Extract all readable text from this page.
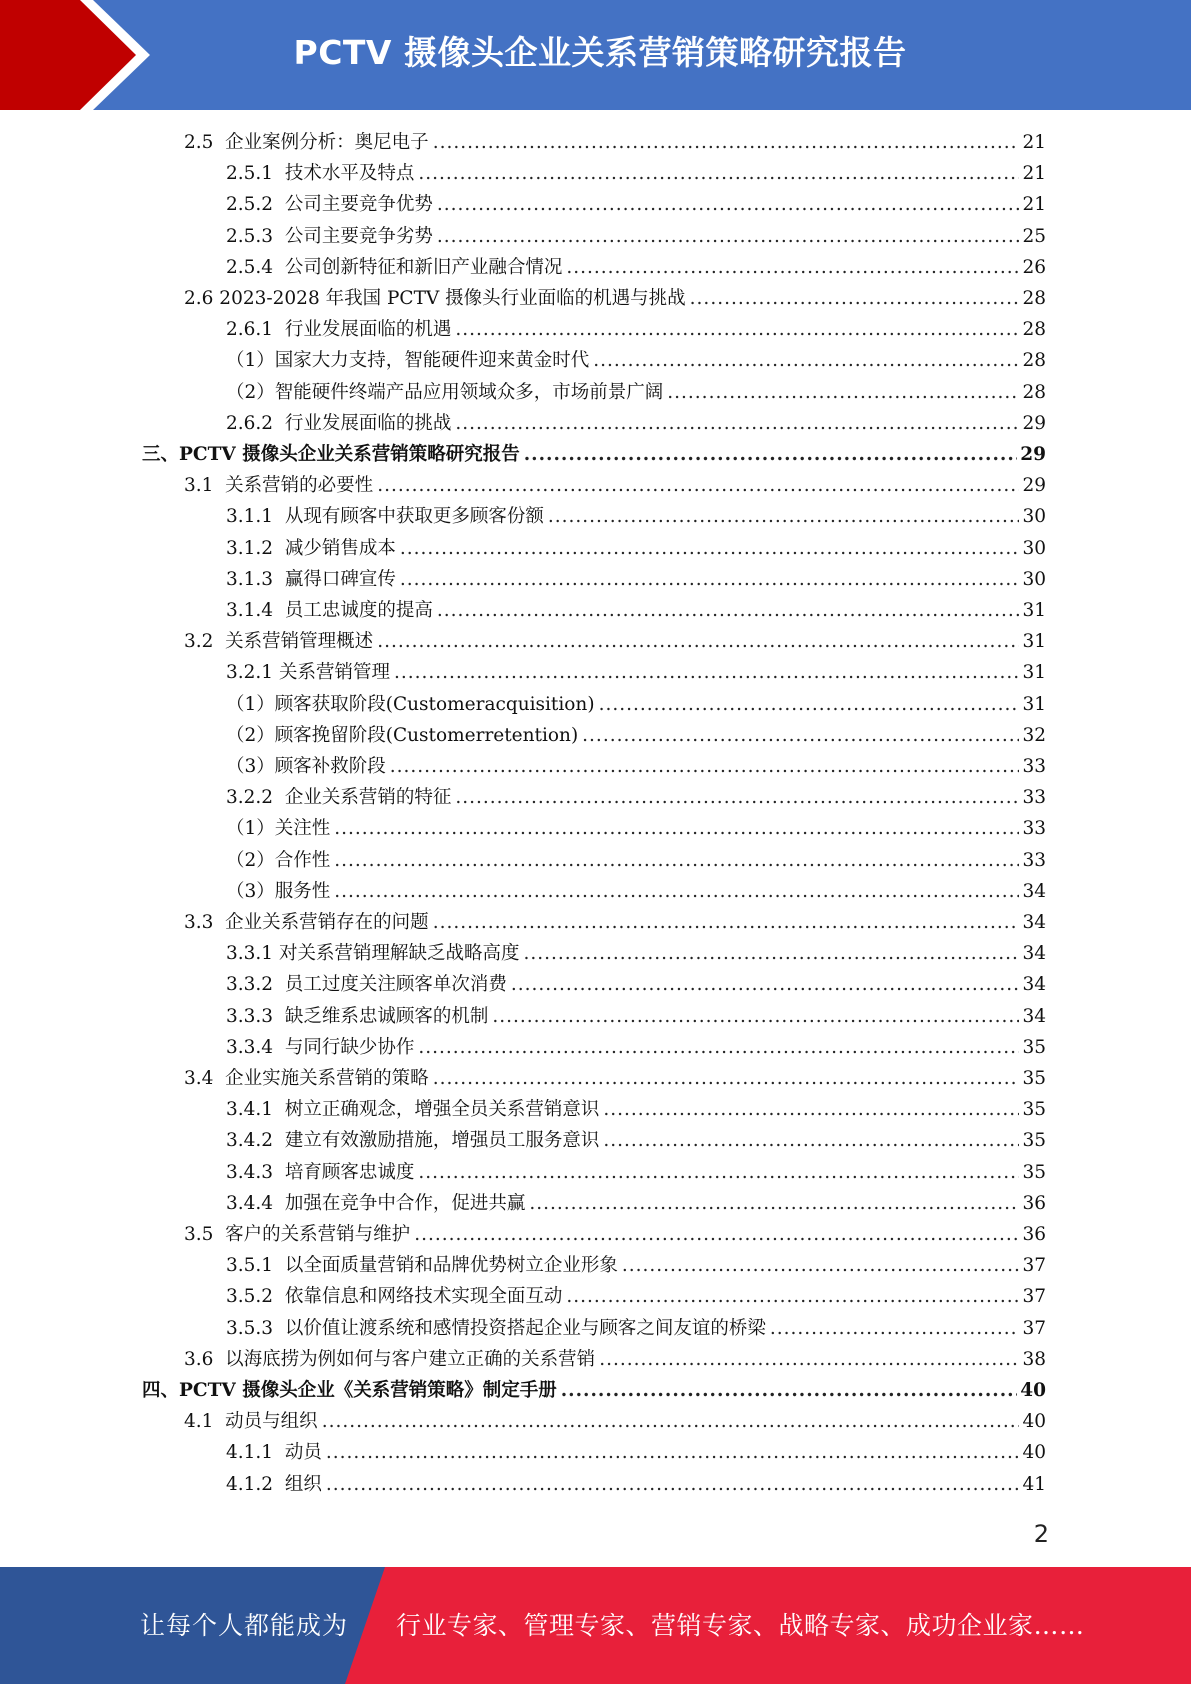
PCTV 摄像头企业关系营销策略研究报告
2.5  企业案例分析：奥尼电子 .....	21
2.5.1  技术水平及特点 .....	21
2.5.2  公司主要竞争优势 .....	21
2.5.3  公司主要竞争劣势 .....	25
2.5.4  公司创新特征和新旧产业融合情况 .....	26
2.6 2023-2028 年我国 PCTV 摄像头行业面临的机遇与挑战 .....	28
2.6.1  行业发展面临的机遇 .....	28
（1）国家大力支持，智能硬件迎来黄金时代 .....	28
（2）智能硬件终端产品应用领域众多，市场前景广阔 .....	28
2.6.2  行业发展面临的挑战 .....	29
三、PCTV 摄像头企业关系营销策略研究报告 .....	29
3.1  关系营销的必要性 .....	29
3.1.1  从现有顾客中获取更多顾客份额 .....	30
3.1.2  减少销售成本 .....	30
3.1.3  赢得口碑宣传 .....	30
3.1.4  员工忠诚度的提高 .....	31
3.2  关系营销管理概述 .....	31
3.2.1 关系营销管理 .....	31
（1）顾客获取阶段(Customeracquisition) .....	31
（2）顾客挽留阶段(Customerretention) .....	32
（3）顾客补救阶段 .....	33
3.2.2  企业关系营销的特征 .....	33
（1）关注性 .....	33
（2）合作性 .....	33
（3）服务性 .....	34
3.3  企业关系营销存在的问题 .....	34
3.3.1 对关系营销理解缺乏战略高度 .....	34
3.3.2  员工过度关注顾客单次消费 .....	34
3.3.3  缺乏维系忠诚顾客的机制 .....	34
3.3.4  与同行缺少协作 .....	35
3.4  企业实施关系营销的策略 .....	35
3.4.1  树立正确观念，增强全员关系营销意识 .....	35
3.4.2  建立有效激励措施，增强员工服务意识 .....	35
3.4.3  培育顾客忠诚度 .....	35
3.4.4  加强在竞争中合作，促进共赢 .....	36
3.5  客户的关系营销与维护 .....	36
3.5.1  以全面质量营销和品牌优势树立企业形象 .....	37
3.5.2  依靠信息和网络技术实现全面互动 .....	37
3.5.3  以价值让渡系统和感情投资搭起企业与顾客之间友谊的桥梁 .....	37
3.6  以海底捞为例如何与客户建立正确的关系营销 .....	38
四、PCTV 摄像头企业《关系营销策略》制定手册 .....	40
4.1  动员与组织 .....	40
4.1.1  动员 .....	40
4.1.2  组织 .....	41
2
让每个人都能成为 行业专家、管理专家、营销专家、战略专家、成功企业家……
